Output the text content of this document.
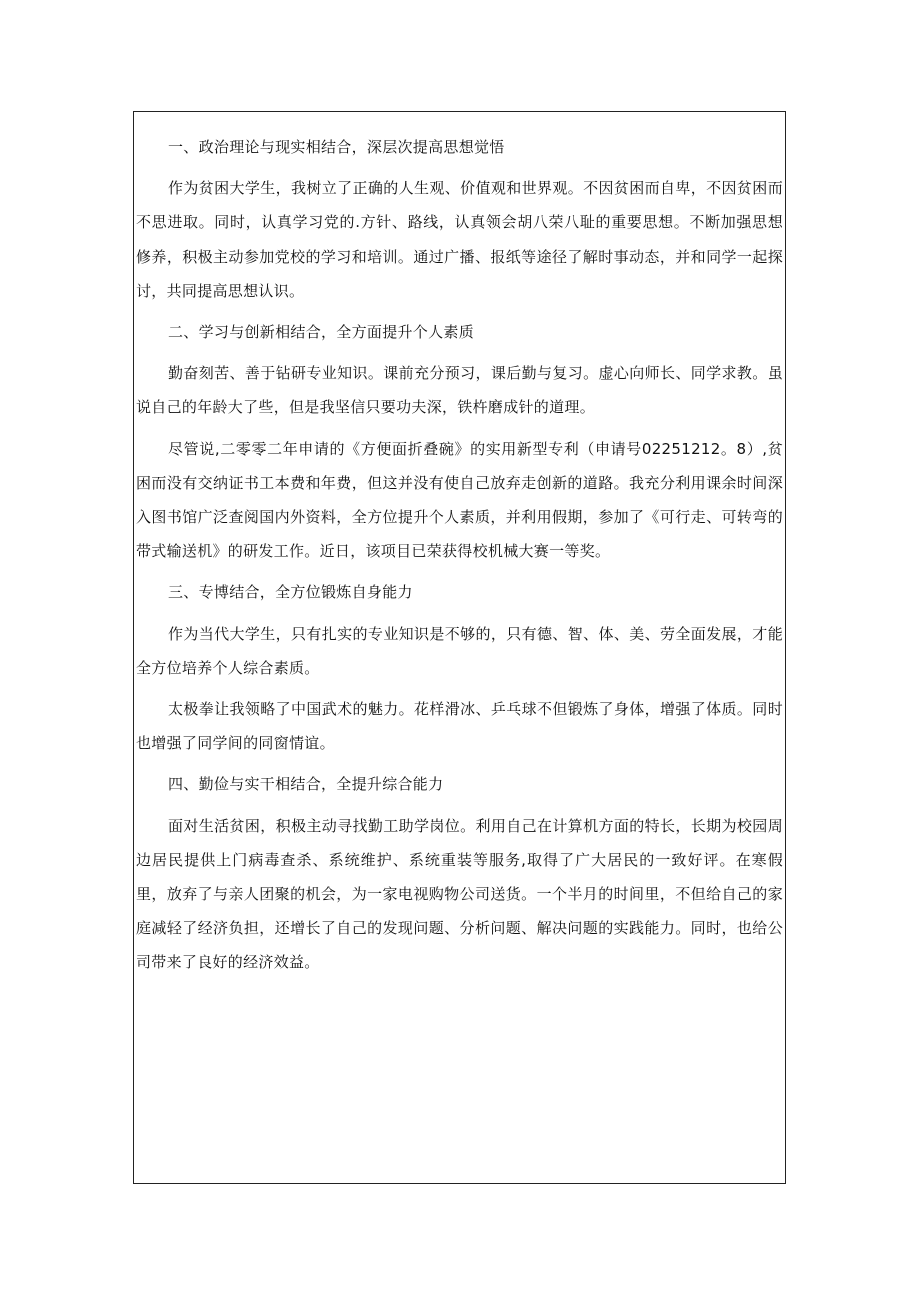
一、政治理论与现实相结合，深层次提高思想觉悟

作为贫困大学生，我树立了正确的人生观、价值观和世界观。不因贫困而自卑，不因贫困而不思进取。同时，认真学习党的.方针、路线，认真领会胡八荣八耻的重要思想。不断加强思想修养，积极主动参加党校的学习和培训。通过广播、报纸等途径了解时事动态，并和同学一起探讨，共同提高思想认识。

二、学习与创新相结合，全方面提升个人素质

勤奋刻苦、善于钻研专业知识。课前充分预习，课后勤与复习。虚心向师长、同学求教。虽说自己的年龄大了些，但是我坚信只要功夫深，铁杵磨成针的道理。

尽管说,二零零二年申请的《方便面折叠碗》的实用新型专利（申请号02251212。8）,贫困而没有交纳证书工本费和年费，但这并没有使自己放弃走创新的道路。我充分利用课余时间深入图书馆广泛查阅国内外资料，全方位提升个人素质，并利用假期，参加了《可行走、可转弯的带式输送机》的研发工作。近日，该项目已荣获得校机械大赛一等奖。

三、专博结合，全方位锻炼自身能力

作为当代大学生，只有扎实的专业知识是不够的，只有德、智、体、美、劳全面发展，才能全方位培养个人综合素质。

太极拳让我领略了中国武术的魅力。花样滑冰、乒乓球不但锻炼了身体，增强了体质。同时也增强了同学间的同窗情谊。

四、勤俭与实干相结合，全提升综合能力

面对生活贫困，积极主动寻找勤工助学岗位。利用自己在计算机方面的特长，长期为校园周边居民提供上门病毒查杀、系统维护、系统重装等服务,取得了广大居民的一致好评。在寒假里，放弃了与亲人团聚的机会，为一家电视购物公司送货。一个半月的时间里，不但给自己的家庭减轻了经济负担，还增长了自己的发现问题、分析问题、解决问题的实践能力。同时，也给公司带来了良好的经济效益。
